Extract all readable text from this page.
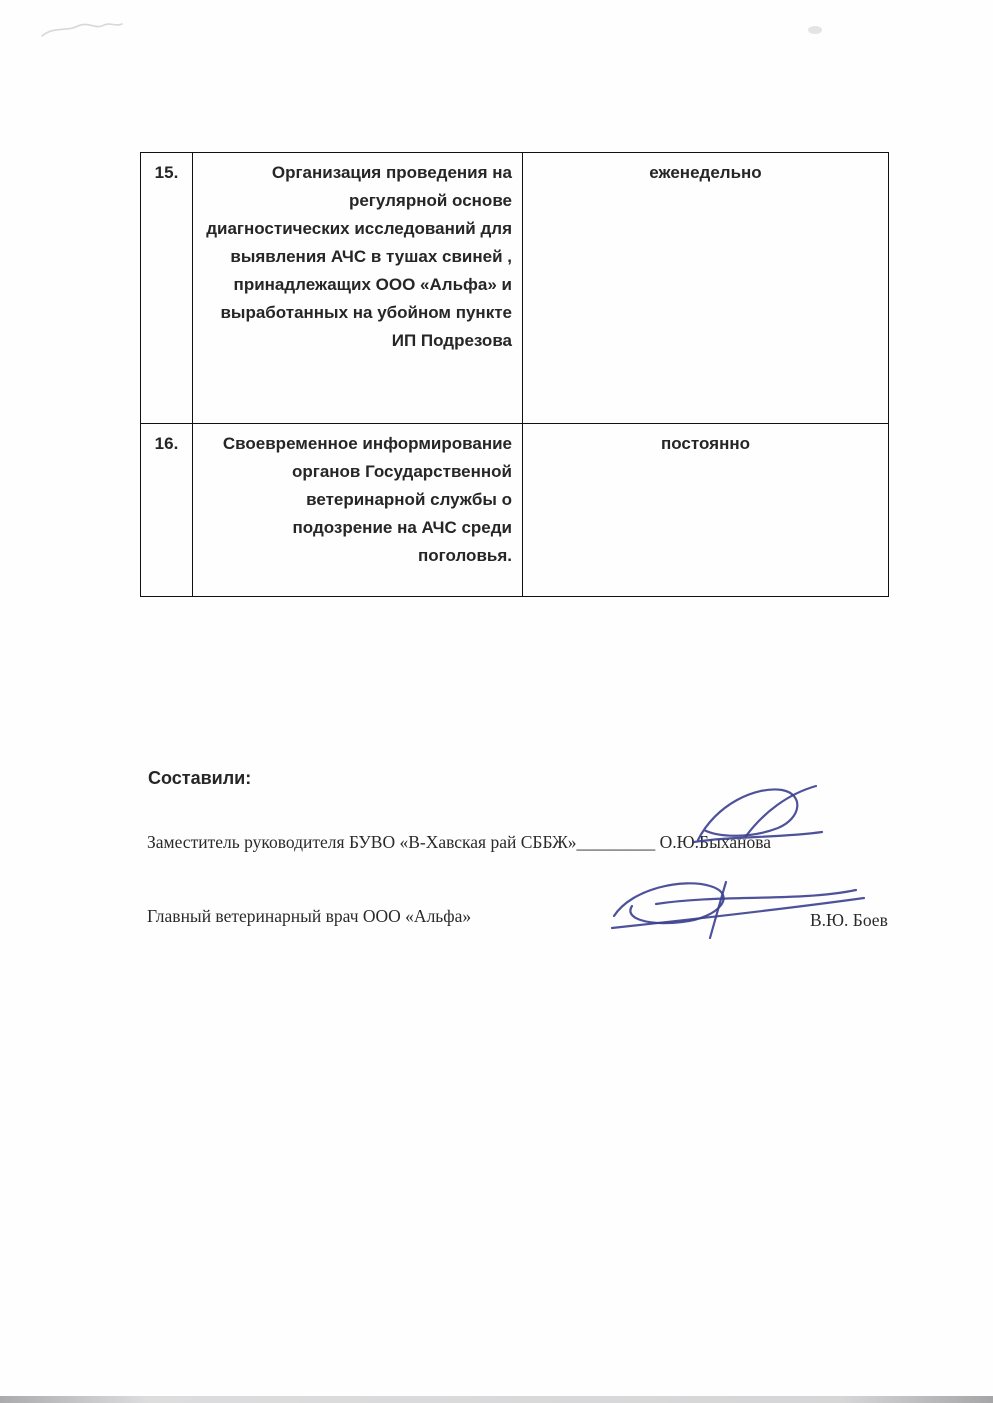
15.	Организация проведения на регулярной основе диагностических исследований для выявления АЧС в тушах свиней , принадлежащих ООО «Альфа» и выработанных на убойном пункте ИП Подрезова	еженедельно
16.	Своевременное информирование органов Государственной ветеринарной службы о подозрение на АЧС среди поголовья.	постоянно
Составили:
Заместитель руководителя БУВО «В-Хавская рай СББЖ»_________ О.Ю.Быханова
Главный ветеринарный врач ООО «Альфа»	В.Ю. Боев
